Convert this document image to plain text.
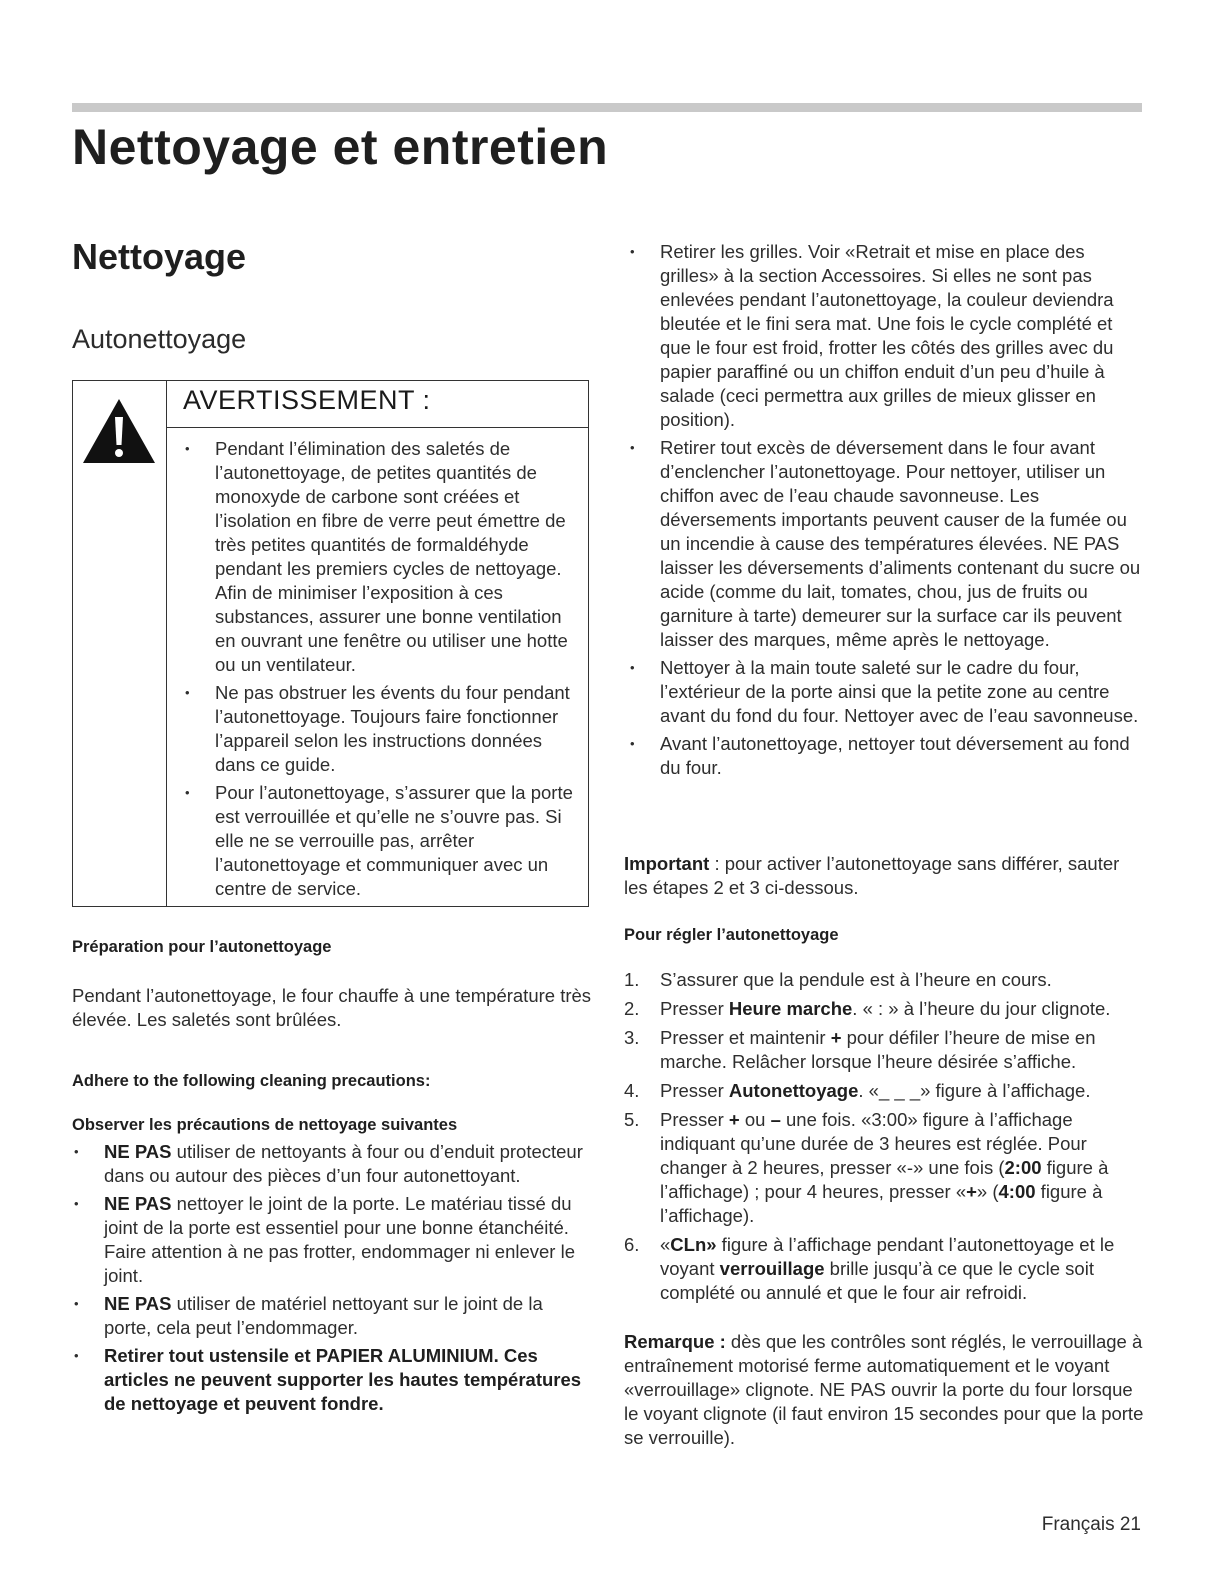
Nettoyage et entretien
Nettoyage
Autonettoyage
AVERTISSEMENT :
• Pendant l’élimination des saletés de l’autonettoyage, de petites quantités de monoxyde de carbone sont créées et l’isolation en fibre de verre peut émettre de très petites quantités de formaldéhyde pendant les premiers cycles de nettoyage. Afin de minimiser l’exposition à ces substances, assurer une bonne ventilation en ouvrant une fenêtre ou utiliser une hotte ou un ventilateur.
• Ne pas obstruer les évents du four pendant l’autonettoyage. Toujours faire fonctionner l’appareil selon les instructions données dans ce guide.
• Pour l’autonettoyage, s’assurer que la porte est verrouillée et qu’elle ne s’ouvre pas. Si elle ne se verrouille pas, arrêter l’autonettoyage et communiquer avec un centre de service.
Préparation pour l’autonettoyage

Pendant l’autonettoyage, le four chauffe à une température très élevée. Les saletés sont brûlées.

Adhere to the following cleaning precautions:
Observer les précautions de nettoyage suivantes
• NE PAS utiliser de nettoyants à four ou d’enduit protecteur dans ou autour des pièces d’un four autonettoyant.
• NE PAS nettoyer le joint de la porte. Le matériau tissé du joint de la porte est essentiel pour une bonne étanchéité. Faire attention à ne pas frotter, endommager ni enlever le joint.
• NE PAS utiliser de matériel nettoyant sur le joint de la porte, cela peut l’endommager.
• Retirer tout ustensile et PAPIER ALUMINIUM. Ces articles ne peuvent supporter les hautes températures de nettoyage et peuvent fondre.
• Retirer les grilles. Voir «Retrait et mise en place des grilles» à la section Accessoires. Si elles ne sont pas enlevées pendant l’autonettoyage, la couleur deviendra bleutée et le fini sera mat. Une fois le cycle complété et que le four est froid, frotter les côtés des grilles avec du papier paraffiné ou un chiffon enduit d’un peu d’huile à salade (ceci permettra aux grilles de mieux glisser en position).
• Retirer tout excès de déversement dans le four avant d’enclencher l’autonettoyage. Pour nettoyer, utiliser un chiffon avec de l’eau chaude savonneuse. Les déversements importants peuvent causer de la fumée ou un incendie à cause des températures élevées. NE PAS laisser les déversements d’aliments contenant du sucre ou acide (comme du lait, tomates, chou, jus de fruits ou garniture à tarte) demeurer sur la surface car ils peuvent laisser des marques, même après le nettoyage.
• Nettoyer à la main toute saleté sur le cadre du four, l’extérieur de la porte ainsi que la petite zone au centre avant du fond du four. Nettoyer avec de l’eau savonneuse.
• Avant l’autonettoyage, nettoyer tout déversement au fond du four.

Important : pour activer l’autonettoyage sans différer, sauter les étapes 2 et 3 ci-dessous.

Pour régler l’autonettoyage
1. S’assurer que la pendule est à l’heure en cours.
2. Presser Heure marche. « : » à l’heure du jour clignote.
3. Presser et maintenir + pour défiler l’heure de mise en marche. Relâcher lorsque l’heure désirée s’affiche.
4. Presser Autonettoyage. «_ _ _» figure à l’affichage.
5. Presser + ou – une fois. «3:00» figure à l’affichage indiquant qu’une durée de 3 heures est réglée. Pour changer à 2 heures, presser «-» une fois (2:00 figure à l’affichage) ; pour 4 heures, presser «+» (4:00 figure à l’affichage).
6. «CLn» figure à l’affichage pendant l’autonettoyage et le voyant verrouillage brille jusqu’à ce que le cycle soit complété ou annulé et que le four air refroidi.

Remarque : dès que les contrôles sont réglés, le verrouillage à entraînement motorisé ferme automatiquement et le voyant «verrouillage» clignote. NE PAS ouvrir la porte du four lorsque le voyant clignote (il faut environ 15 secondes pour que la porte se verrouille).

Français 21
